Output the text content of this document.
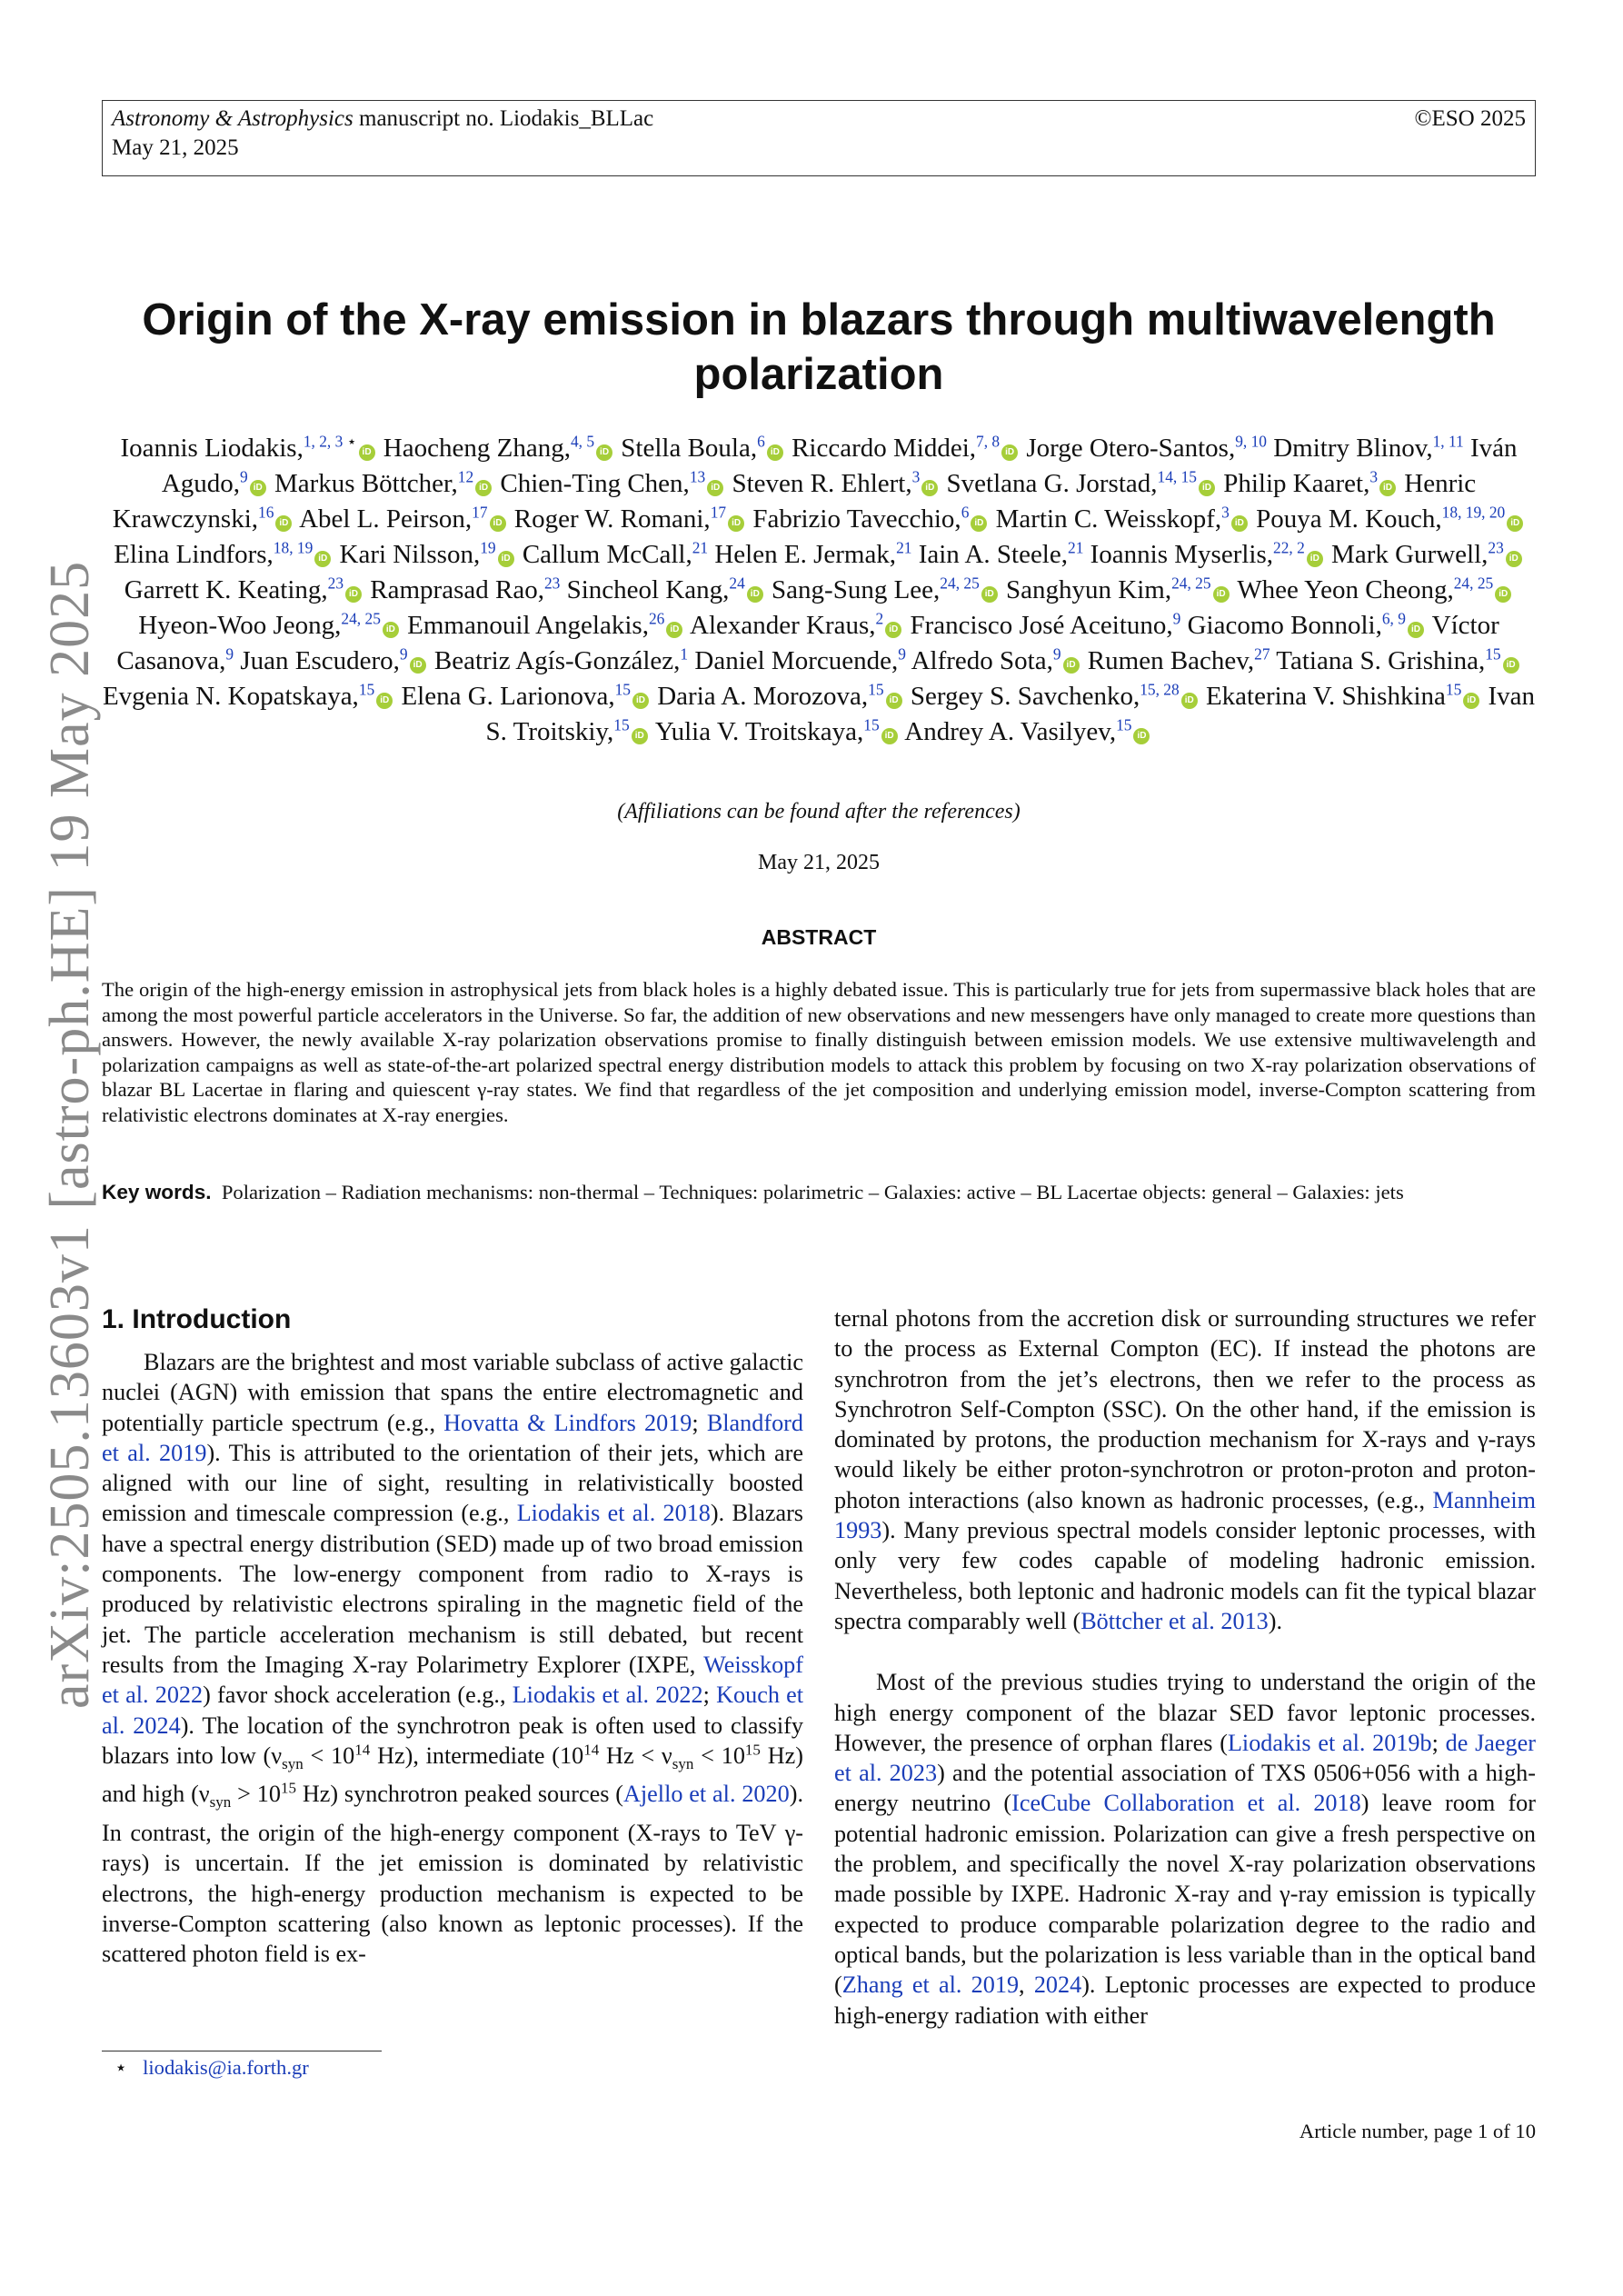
Astronomy & Astrophysics manuscript no. Liodakis_BLLac
May 21, 2025
©ESO 2025
arXiv:2505.13603v1 [astro-ph.HE] 19 May 2025
Origin of the X-ray emission in blazars through multiwavelength
polarization
Ioannis Liodakis,$^{1, 2, 3}$ ⋆iD Haocheng Zhang,$^{4, 5}$iD Stella Boula,$^6$iD Riccardo Middei,$^{7, 8}$iD Jorge Otero-Santos,$^{9, 10}$ Dmitry Blinov,$^{1, 11}$ Iván Agudo,$^9$iD Markus Böttcher,$^{12}$iD Chien-Ting Chen,$^{13}$iD Steven R. Ehlert,$^3$iD Svetlana G. Jorstad,$^{14, 15}$iD Philip Kaaret,$^3$iD Henric Krawczynski,$^{16}$iD Abel L. Peirson,$^{17}$iD Roger W. Romani,$^{17}$iD Fabrizio Tavecchio,$^6$iD Martin C. Weisskopf,$^3$iD Pouya M. Kouch,$^{18, 19, 20}$iD Elina Lindfors,$^{18, 19}$iD Kari Nilsson,$^{19}$iD Callum McCall,$^{21}$ Helen E. Jermak,$^{21}$ Iain A. Steele,$^{21}$ Ioannis Myserlis,$^{22, 2}$iD Mark Gurwell,$^{23}$iD Garrett K. Keating,$^{23}$iD Ramprasad Rao,$^{23}$ Sincheol Kang,$^{24}$iD Sang-Sung Lee,$^{24, 25}$iD Sanghyun Kim,$^{24, 25}$iD Whee Yeon Cheong,$^{24, 25}$iD Hyeon-Woo Jeong,$^{24, 25}$iD Emmanouil Angelakis,$^{26}$iD Alexander Kraus,$^2$iD Francisco José Aceituno,$^9$ Giacomo Bonnoli,$^{6, 9}$iD Víctor Casanova,$^9$ Juan Escudero,$^9$iD Beatriz Agís-González,$^1$ Daniel Morcuende,$^9$ Alfredo Sota,$^9$iD Rumen Bachev,$^{27}$ Tatiana S. Grishina,$^{15}$iD Evgenia N. Kopatskaya,$^{15}$iD Elena G. Larionova,$^{15}$iD Daria A. Morozova,$^{15}$iD Sergey S. Savchenko,$^{15, 28}$iD Ekaterina V. Shishkina$^{15}$iD Ivan S. Troitskiy,$^{15}$iD Yulia V. Troitskaya,$^{15}$iD Andrey A. Vasilyev,$^{15}$iD
(Affiliations can be found after the references)
May 21, 2025
ABSTRACT

The origin of the high-energy emission in astrophysical jets from black holes is a highly debated issue. This is particularly true for jets from supermassive black holes that are among the most powerful particle accelerators in the Universe. So far, the addition of new observations and new messengers have only managed to create more questions than answers. However, the newly available X-ray polarization observations promise to finally distinguish between emission models. We use extensive multiwavelength and polarization campaigns as well as state-of-the-art polarized spectral energy distribution models to attack this problem by focusing on two X-ray polarization observations of blazar BL Lacertae in flaring and quiescent γ-ray states. We find that regardless of the jet composition and underlying emission model, inverse-Compton scattering from relativistic electrons dominates at X-ray energies.

Key words. Polarization – Radiation mechanisms: non-thermal – Techniques: polarimetric – Galaxies: active – BL Lacertae objects: general – Galaxies: jets

1. Introduction

Blazars are the brightest and most variable subclass of active galactic nuclei (AGN) with emission that spans the entire electromagnetic and potentially particle spectrum (e.g., Hovatta & Lindfors 2019; Blandford et al. 2019). This is attributed to the orientation of their jets, which are aligned with our line of sight, resulting in relativistically boosted emission and timescale compression (e.g., Liodakis et al. 2018). Blazars have a spectral energy distribution (SED) made up of two broad emission components. The low-energy component from radio to X-rays is produced by relativistic electrons spiraling in the magnetic field of the jet. The particle acceleration mechanism is still debated, but recent results from the Imaging X-ray Polarimetry Explorer (IXPE, Weisskopf et al. 2022) favor shock acceleration (e.g., Liodakis et al. 2022; Kouch et al. 2024). The location of the synchrotron peak is often used to classify blazars into low ($\nu_{syn} < 10^{14}$ Hz), intermediate ($10^{14}$ $Hz < \nu_{syn} < 10^{15}$ Hz) and high ($\nu_{syn} > 10^{15}$ Hz) synchrotron peaked sources (Ajello et al. 2020). In contrast, the origin of the high-energy component (X-rays to TeV γ-rays) is uncertain. If the jet emission is dominated by relativistic electrons, the high-energy production mechanism is expected to be inverse-Compton scattering (also known as leptonic processes). If the scattered photon field is ex-

ternal photons from the accretion disk or surrounding structures we refer to the process as External Compton (EC). If instead the photons are synchrotron from the jet’s electrons, then we refer to the process as Synchrotron Self-Compton (SSC). On the other hand, if the emission is dominated by protons, the production mechanism for X-rays and γ-rays would likely be either proton-synchrotron or proton-proton and proton-photon interactions (also known as hadronic processes, (e.g., Mannheim 1993). Many previous spectral models consider leptonic processes, with only very few codes capable of modeling hadronic emission. Nevertheless, both leptonic and hadronic models can fit the typical blazar spectra comparably well (Böttcher et al. 2013).

Most of the previous studies trying to understand the origin of the high energy component of the blazar SED favor leptonic processes. However, the presence of orphan flares (Liodakis et al. 2019b; de Jaeger et al. 2023) and the potential association of TXS 0506+056 with a high-energy neutrino (IceCube Collaboration et al. 2018) leave room for potential hadronic emission. Polarization can give a fresh perspective on the problem, and specifically the novel X-ray polarization observations made possible by IXPE. Hadronic X-ray and γ-ray emission is typically expected to produce comparable polarization degree to the radio and optical bands, but the polarization is less variable than in the optical band (Zhang et al. 2019, 2024). Leptonic processes are expected to produce high-energy radiation with either

⋆ liodakis@ia.forth.gr
Article number, page 1 of 10
